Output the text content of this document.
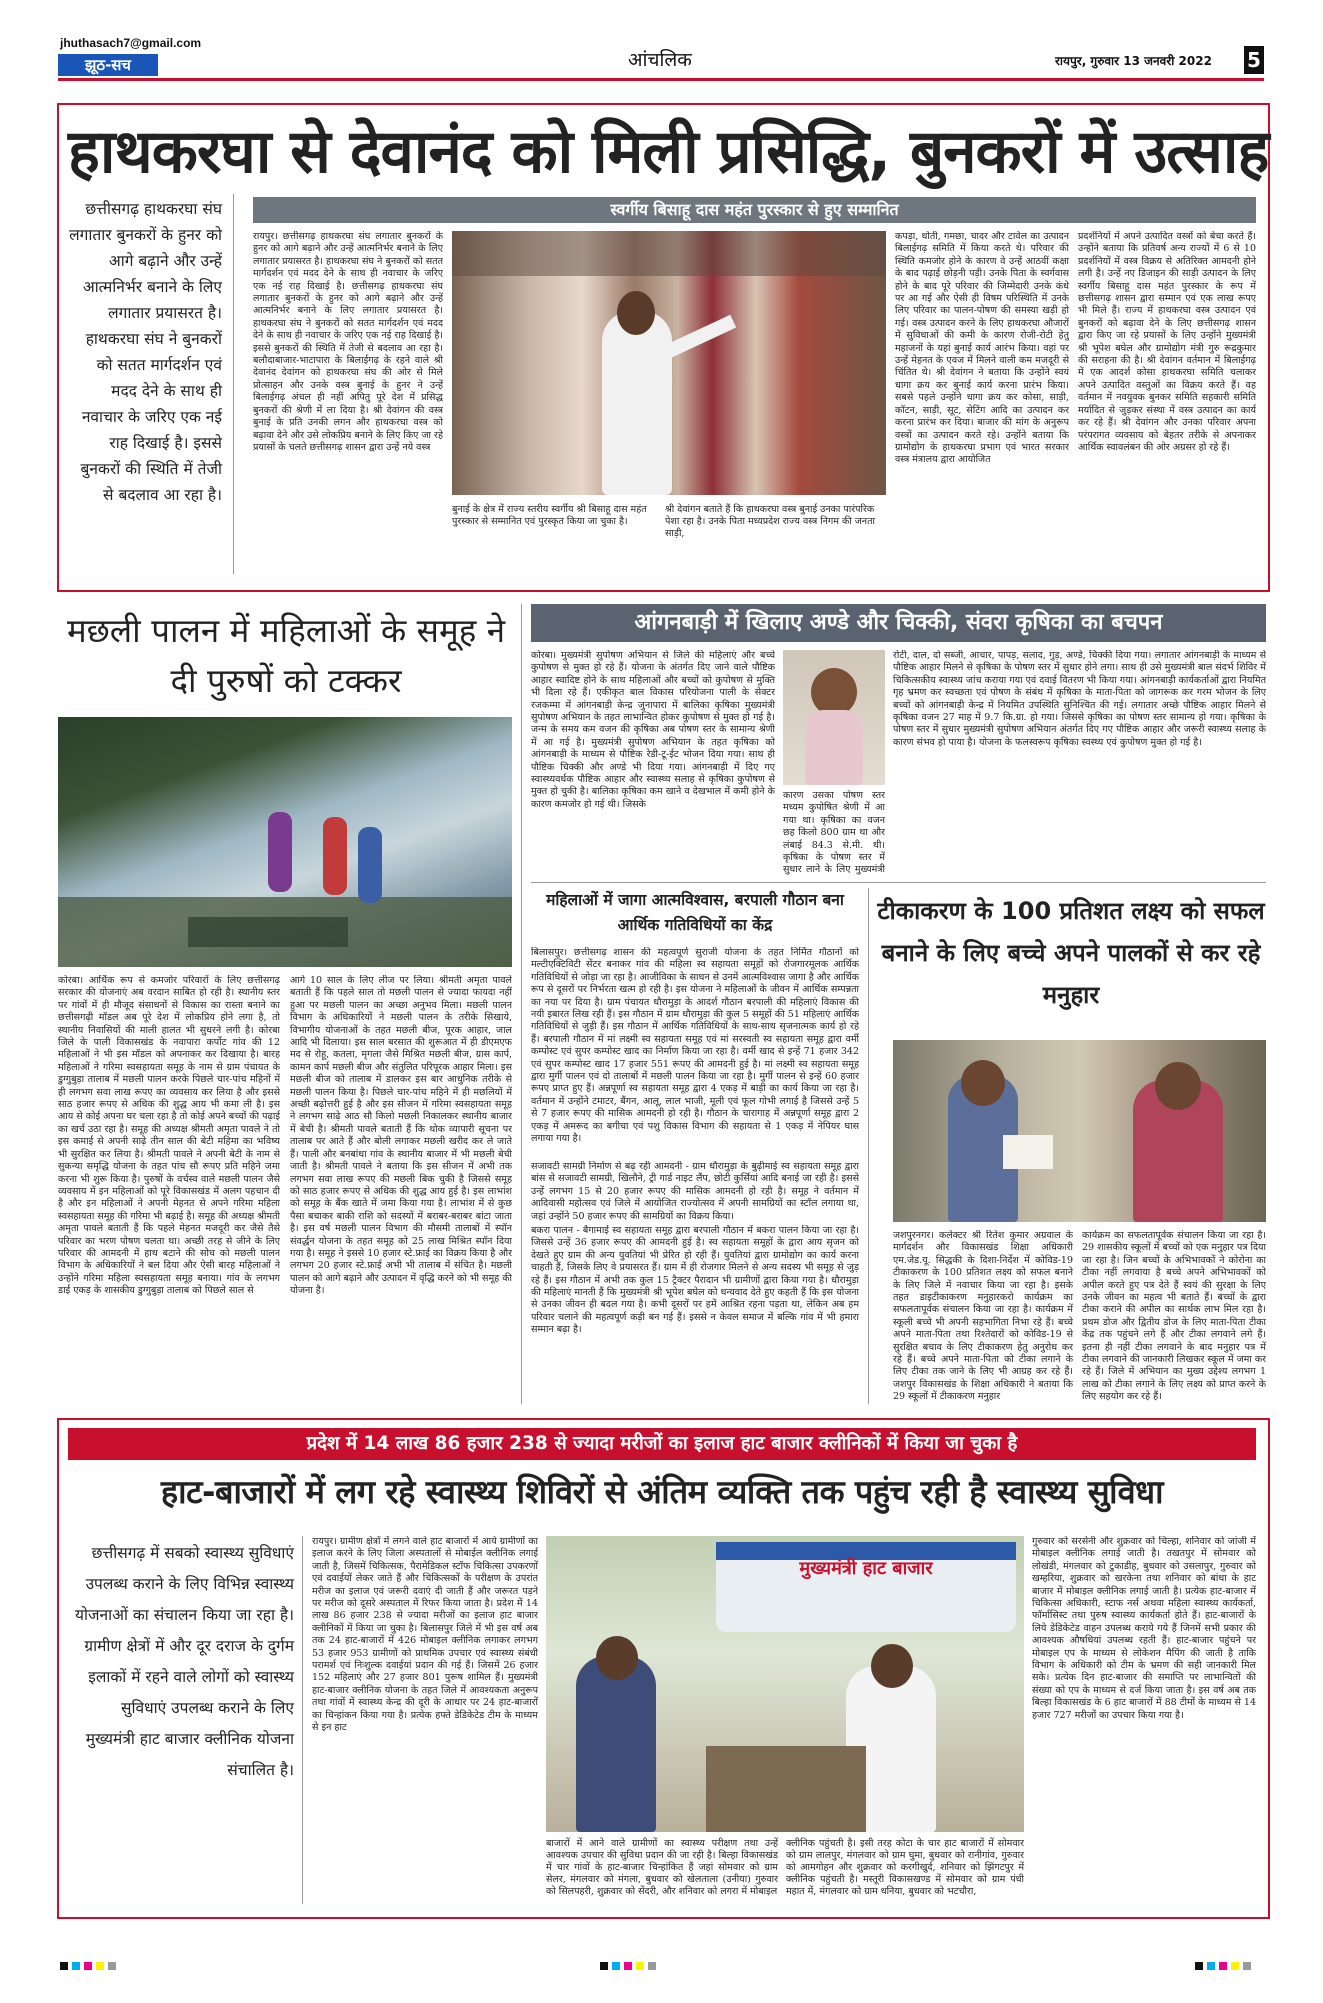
jhuthasach7@gmail.com
झूठ-सच	आंचलिक	रायपुर, गुरुवार 13 जनवरी 2022 5
हाथकरघा से देवानंद को मिली प्रसिद्धि, बुनकरों में उत्साह
छत्तीसगढ़ हाथकरघा संघ लगातार बुनकरों के हुनर को आगे बढ़ाने और उन्हें आत्मनिर्भर बनाने के लिए लगातार प्रयासरत है। हाथकरघा संघ ने बुनकरों को सतत मार्गदर्शन एवं मदद देने के साथ ही नवाचार के जरिए एक नई राह दिखाई है। इससे बुनकरों की स्थिति में तेजी से बदलाव आ रहा है।
स्वर्गीय बिसाहू दास महंत पुरस्कार से हुए सम्मानित
रायपुर। छत्तीसगढ़ हाथकरघा संघ लगातार बुनकरों के हुनर को आगे बढ़ाने और उन्हें आत्मनिर्भर बनाने के लिए लगातार प्रयासरत है। हाथकरघा संघ ने बुनकरों को सतत मार्गदर्शन एवं मदद देने के साथ ही नवाचार के जरिए एक नई राह दिखाई है। छत्तीसगढ़ हाथकरघा संघ लगातार बुनकरों के हुनर को आगे बढ़ाने और उन्हें आत्मनिर्भर बनाने के लिए लगातार प्रयासरत है। हाथकरघा संघ ने बुनकरों को सतत मार्गदर्शन एवं मदद देने के साथ ही नवाचार के जरिए एक नई राह दिखाई है। इससे बुनकरों की स्थिति में तेजी से बदलाव आ रहा है। बलौदाबाजार-भाटापारा के बिलाईगढ़ के रहने वाले श्री देवानंद देवांगन को हाथकरघा संघ की ओर से मिले प्रोत्साहन और उनके वस्त्र बुनाई के हुनर ने उन्हें बिलाईगढ़ अंचल ही नहीं अपितु पूरे देश में प्रसिद्ध बुनकरों की श्रेणी में ला दिया है। श्री देवांगन की वस्त्र बुनाई के प्रति उनकी लगन और हाथकरघा वस्त्र को बढ़ावा देने और उसे लोकप्रिय बनाने के लिए किए जा रहे प्रयासों के चलते छत्तीसगढ़ शासन द्वारा उन्हें नये वस्त्र
बुनाई के क्षेत्र में राज्य स्तरीय स्वर्गीय श्री बिसाहू दास महंत पुरस्कार से सम्मानित एवं पुरस्कृत किया जा चुका है।
श्री देवांगन बताते हैं कि हाथकरघा वस्त्र बुनाई उनका पारंपरिक पेशा रहा है। उनके पिता मध्यप्रदेश राज्य वस्त्र निगम की जनता साड़ी,
कपड़ा, धोती, गमछा, चादर और टावेल का उत्पादन बिलाईगढ़ समिति में किया करते थे। परिवार की स्थिति कमजोर होने के कारण वे उन्हें आठवीं कक्षा के बाद पढ़ाई छोड़नी पड़ी। उनके पिता के स्वर्गवास होने के बाद पूरे परिवार की जिम्मेदारी उनके कंधे पर आ गई और ऐसी ही विषम परिस्थिति में उनके लिए परिवार का पालन-पोषण की समस्या खड़ी हो गई। वस्त्र उत्पादन करने के लिए हाथकरघा औजारों में सुविधाओं की कमी के कारण रोजी-रोटी हेतु महाजनों के यहां बुनाई कार्य आरंभ किया। वहां पर उन्हें मेहनत के एवज में मिलने वाली कम मजदूरी से चिंतित थे। श्री देवांगन ने बताया कि उन्होंने स्वयं धागा क्रय कर बुनाई कार्य करना प्रारंभ किया। सबसे पहले उन्होंने धागा क्रय कर कोसा, साड़ी, कॉटन, साड़ी, सूट, सेटिंग आदि का उत्पादन कर करना प्रारंभ कर दिया। बाजार की मांग के अनुरूप वस्त्रों का उत्पादन करते रहे। उन्होंने बताया कि ग्रामोद्योग के हाथकरघा प्रभाग एवं भारत सरकार वस्त्र मंत्रालय द्वारा आयोजित
प्रदर्शनियों में अपने उत्पादित वस्त्रों को बेचा करते हैं। उन्होंने बताया कि प्रतिवर्ष अन्य राज्यों में 6 से 10 प्रदर्शनियों में वस्त्र विक्रय से अतिरिक्त आमदनी होने लगी है। उन्हें नए डिजाइन की साड़ी उत्पादन के लिए स्वर्गीय बिसाहू दास महंत पुरस्कार के रूप में छत्तीसगढ़ शासन द्वारा सम्मान एवं एक लाख रूपए भी मिले हैं। राज्य में हाथकरघा वस्त्र उत्पादन एवं बुनकरों को बढ़ावा देने के लिए छत्तीसगढ़ शासन द्वारा किए जा रहे प्रयासों के लिए उन्होंने मुख्यमंत्री श्री भूपेश बघेल और ग्रामोद्योग मंत्री गुरु रूद्रकुमार की सराहना की है। श्री देवांगन वर्तमान में बिलाईगढ़ में एक आदर्श कोसा हाथकरघा समिति चलाकर अपने उत्पादित वस्तुओं का विक्रय करते हैं। वह वर्तमान में नवयुवक बुनकर समिति सहकारी समिति मर्यादित से जुड़कर संस्था में वस्त्र उत्पादन का कार्य कर रहे हैं। श्री देवांगन और उनका परिवार अपना परंपरागत व्यवसाय को बेहतर तरीके से अपनाकर आर्थिक स्वावलंबन की ओर अग्रसर हो रहे हैं।
मछली पालन में महिलाओं के समूह ने दी पुरुषों को टक्कर
कोरबा। आर्थिक रूप से कमजोर परिवारों के लिए छत्तीसगढ़ सरकार की योजनाएं अब वरदान साबित हो रही है। स्थानीय स्तर पर गांवों में ही मौजूद संसाधनों से विकास का रास्ता बनाने का छत्तीसगढ़ी मॉडल अब पूरे देश में लोकप्रिय होने लगा है, तो स्थानीय निवासियों की माली हालत भी सुधरने लगी है। कोरबा जिले के पाली विकासखंड के नवापारा कर्पोट गांव की 12 महिलाओं ने भी इस मॉडल को अपनाकर कर दिखाया है। बारह महिलाओं ने गरिमा स्वसहायता समूह के नाम से ग्राम पंचायत के डुग्गुबुड़ा तालाब में मछली पालन करके पिछले चार-पांच महिनों में ही लगभग सवा लाख रूपए का व्यवसाय कर लिया है और इससे साठ हजार रूपए से अधिक की शुद्ध आय भी कमा ली है। इस आय से कोई अपना घर चला रहा है तो कोई अपने बच्चों की पढ़ाई का खर्च उठा रहा है। समूह की अध्यक्ष श्रीमती अमृता पावले ने तो इस कमाई से अपनी साढ़े तीन साल की बेटी महिमा का भविष्य भी सुरक्षित कर लिया है। श्रीमती पावले ने अपनी बेटी के नाम से सुकन्या समृद्धि योजना के तहत पांच सौ रूपए प्रति महिने जमा करना भी शुरू किया है। पुरुषों के वर्चस्व वाले मछली पालन जैसे व्यवसाय में इन महिलाओं को पूरे विकासखंड में अलग पहचान दी है और इन महिलाओं ने अपनी मेहनत से अपने गरिमा महिला स्वसहायता समूह की गरिमा भी बढ़ाई है। समूह की अध्यक्ष श्रीमती अमृता पावले बताती हैं कि पहले मेहनत मजदूरी कर जैसे तैसे परिवार का भरण पोषण चलता था। अच्छी तरह से जीने के लिए परिवार की आमदनी में हाथ बटाने की सोच को मछली पालन विभाग के अधिकारियों ने बल दिया और ऐसी बारह महिलाओं ने उन्होंने गरिमा महिला स्वसहायता समूह बनाया। गांव के लगभग डाई एकड़ के शासकीय डुग्गुबुड़ा तालाब को पिछले साल से
आगे 10 साल के लिए लीज पर लिया। श्रीमती अमृता पावले बताती हैं कि पहले साल तो मछली पालन से ज्यादा फायदा नहीं हुआ पर मछली पालन का अच्छा अनुभव मिला। मछली पालन विभाग के अधिकारियों ने मछली पालन के तरीके सिखाये, विभागीय योजनाओं के तहत मछली बीज, पूरक आहार, जाल आदि भी दिलाया। इस साल बरसात की शुरूआत में ही डीएमएफ मद से रोहू, कतला, मृगला जैसे मिश्रित मछली बीज, ग्रास कार्प, कामन कार्प मछली बीज और संतुलित परिपूरक आहार मिला। इस मछली बीज को तालाब में डालकर इस बार आधुनिक तरीके से मछली पालन किया है। पिछले चार-पांच महिने में ही मछलियों में अच्छी बढ़ोत्तरी हुई है और इस सीजन में गरिमा स्वसहायता समूह ने लगभग साढ़े आठ सौ किलो मछली निकालकर स्थानीय बाजार में बेची है। श्रीमती पावले बताती हैं कि थोक व्यापारी सूचना पर तालाब पर आते हैं और बोली लगाकर मछली खरीद कर ले जाते हैं। पाली और बनबांधा गांव के स्थानीय बाजार में भी मछली बेची जाती है। श्रीमती पावले ने बताया कि इस सीजन में अभी तक लगभग सवा लाख रूपए की मछली बिक चुकी है जिससे समूह को साठ हजार रूपए से अधिक की शुद्ध आय हुई है। इस लाभांश को समूह के बैंक खाते में जमा किया गया है। लाभांश में से कुछ पैसा बचाकर बाकी राशि को सदस्यों में बराबर-बराबर बांटा जाता है। इस वर्ष मछली पालन विभाग की मौसमी तालाबों में स्पॉन संवर्द्धन योजना के तहत समूह को 25 लाख मिश्रित स्पॉन दिया गया है। समूह ने इससे 10 हजार स्टे.फ्राई का विक्रय किया है और लगभग 20 हजार स्टे.फ्राई अभी भी तालाब में संचित है। मछली पालन को आगे बढ़ाने और उत्पादन में वृद्धि करने को भी समूह की योजना है।
आंगनबाड़ी में खिलाए अण्डे और चिक्की, संवरा कृषिका का बचपन
कोरबा। मुख्यमंत्री सुपोषण अभियान से जिले की महिलाएं और बच्चे कुपोषण से मुक्त हो रहे हैं। योजना के अंतर्गत दिए जाने वाले पौष्टिक आहार स्वादिष्ट होने के साथ महिलाओं और बच्चों को कुपोषण से मुक्ति भी दिला रहे हैं। एकीकृत बाल विकास परियोजना पाली के सेक्टर रजकम्मा में आंगनबाड़ी केन्द्र जुनापारा में बालिका कृषिका मुख्यमंत्री सुपोषण अभियान के तहत लाभान्वित होकर कुपोषण से मुक्त हो गई है। जन्म के समय कम वजन की कृषिका अब पोषण स्तर के सामान्य श्रेणी में आ गई है। मुख्यमंत्री सुपोषण अभियान के तहत कृषिका को आंगनबाड़ी के माध्यम से पौष्टिक रेडी-टू-ईट भोजन दिया गया। साथ ही पौष्टिक चिक्की और अण्डे भी दिया गया। आंगनबाड़ी में दिए गए स्वास्थ्यवर्धक पौष्टिक आहार और स्वास्थ्य सलाह से कृषिका कुपोषण से मुक्त हो चुकी है। बालिका कृषिका कम खाने व देखभाल में कमी होने के कारण कमजोर हो गई थी। जिसके
कारण उसका पोषण स्तर मध्यम कुपोषित श्रेणी में आ गया था। कृषिका का वजन छह किलो 800 ग्राम था और लंबाई 84.3 से.मी. थी। कृषिका के पोषण स्तर में सुधार लाने के लिए मुख्यमंत्री
रोटी, दाल, दो सब्जी, आचार, पापड़, सलाद, गुड़, अण्डे, चिक्की दिया गया। लगातार आंगनबाड़ी के माध्यम से पौष्टिक आहार मिलने से कृषिका के पोषण स्तर में सुधार होने लगा। साथ ही उसे मुख्यमंत्री बाल संदर्भ शिविर में चिकित्सकीय स्वास्थ्य जांच कराया गया एवं दवाई वितरण भी किया गया। आंगनबाड़ी कार्यकर्ताओं द्वारा नियमित गृह भ्रमण कर स्वच्छता एवं पोषण के संबंध में कृषिका के माता-पिता को जागरूक कर गरम भोजन के लिए बच्चों को आंगनबाड़ी केन्द्र में नियमित उपस्थिति सुनिश्चित की गई। लगातार अच्छे पौष्टिक आहार मिलने से कृषिका वजन 27 माह में 9.7 कि.ग्रा. हो गया। जिससे कृषिका का पोषण स्तर सामान्य हो गया। कृषिका के पोषण स्तर में सुधार मुख्यमंत्री सुपोषण अभियान अंतर्गत दिए गए पौष्टिक आहार और जरूरी स्वास्थ्य सलाह के कारण संभव हो पाया है। योजना के फलस्वरूप कृषिका स्वस्थ्य एवं कुपोषण मुक्त हो गई है।
महिलाओं में जागा आत्मविश्वास, बरपाली गौठान बना आर्थिक गतिविधियों का केंद्र
बिलासपुर। छत्तीसगढ़ शासन की महत्वपूर्ण सुराजी योजना के तहत निर्मित गौठानों को मल्टीएक्टिविटी सेंटर बनाकर गांव की महिला स्व सहायता समूहों को रोजगारमूलक आर्थिक गतिविधियों से जोड़ा जा रहा है। आजीविका के साधन से उनमें आत्मविश्वास जागा है और आर्थिक रूप से दूसरों पर निर्भरता खत्म हो रही है। इस योजना ने महिलाओं के जीवन में आर्थिक सम्पन्नता का नया पर दिया है। ग्राम पंचायत धौरामुड़ा के आदर्श गौठान बरपाली की महिलाएं विकास की नयी इबारत लिख रही हैं। इस गौठान में ग्राम धौरामुड़ा की कुल 5 समूहों की 51 महिलाएं आर्थिक गतिविधियों से जुड़ी हैं। इस गौठान में आर्थिक गतिविधियों के साथ-साथ सृजनात्मक कार्य हो रहे हैं। बरपाली गौठान में मां लक्ष्मी स्व सहायता समूह एवं मां सरस्वती स्व सहायता समूह द्वारा वर्मी कम्पोस्ट एवं सुपर कम्पोस्ट खाद का निर्माण किया जा रहा है। वर्मी खाद से इन्हें 71 हजार 342 एवं सुपर कम्पोस्ट खाद 17 हजार 551 रूपए की आमदनी हुई है। मां लक्ष्मी स्व सहायता समूह द्वारा मुर्गी पालन एवं दो तालाबों में मछली पालन किया जा रहा है। मुर्गी पालन से इन्हें 60 हजार रूपए प्राप्त हुए हैं। अन्नपूर्णा स्व सहायता समूह द्वारा 4 एकड़ में बाड़ी का कार्य किया जा रहा है। वर्तमान में उन्होंने टमाटर, बैंगन, आलू, लाल भाजी, मूली एवं फूल गोभी लगाई है जिससे उन्हें 5 से 7 हजार रूपए की मासिक आमदनी हो रही है। गौठान के चारागाह में अन्नपूर्णा समूह द्वारा 2 एकड़ में अमरूद का बगीचा एवं पशु विकास विभाग की सहायता से 1 एकड़ में नेपियर घास लगाया गया है।
सजावटी सामग्री निर्माण से बढ़ रही आमदनी - ग्राम धौरामुड़ा के बुढ़ीमाई स्व सहायता समूह द्वारा बांस से सजावटी सामग्री, खिलौने, ट्री गार्ड नाइट लैंप, छोटी कुर्सियां आदि बनाई जा रही है। इससे उन्हें लगभग 15 से 20 हजार रूपए की मासिक आमदनी हो रही है। समूह ने वर्तमान में आदिवासी महोत्सव एवं जिले में आयोजित राज्योत्सव में अपनी सामग्रियों का स्टॉल लगाया था, जहां उन्होंने 50 हजार रूपए की सामग्रियों का विक्रय किया।
बकरा पालन - बैगामाई स्व सहायता समूह द्वारा बरपाली गौठान में बकरा पालन किया जा रहा है। जिससे उन्हें 36 हजार रूपए की आमदनी हुई है। स्व सहायता समूहों के द्वारा आय सृजन को देखते हुए ग्राम की अन्य युवतियां भी प्रेरित हो रही हैं। युवतियां द्वारा ग्रामोद्योग का कार्य करना चाहती हैं, जिसके लिए वे प्रयासरत हैं। ग्राम में ही रोजगार मिलने से अन्य सदस्य भी समूह से जुड़ रहे हैं। इस गौठान में अभी तक कुल 15 ट्रैक्टर पैरादान भी ग्रामीणों द्वारा किया गया है। धौरामुड़ा की महिलाएं मानती हैं कि मुख्यमंत्री श्री भूपेश बघेल को धन्यवाद देते हुए कहती हैं कि इस योजना से उनका जीवन ही बदल गया है। कभी दूसरों पर हमें आश्रित रहना पड़ता था, लेकिन अब हम परिवार चलाने की महत्वपूर्ण कड़ी बन गई हैं। इससे न केवल समाज में बल्कि गांव में भी हमारा सम्मान बढ़ा है।
टीकाकरण के 100 प्रतिशत लक्ष्य को सफल बनाने के लिए बच्चे अपने पालकों से कर रहे मनुहार
जशपुरनगर। कलेक्टर श्री रितेश कुमार अग्रवाल के मार्गदर्शन और विकासखंड शिक्षा अधिकारी एम.जेड.यू. सिद्धकी के दिशा-निर्देश में कोविड-19 टीकाकरण के 100 प्रतिशत लक्ष्य को सफल बनाने के लिए जिले में नवाचार किया जा रहा है। इसके तहत डाइटीकाकरण मनुहारकरो कार्यक्रम का सफलतापूर्वक संचालन किया जा रहा है। कार्यक्रम में स्कूली बच्चे भी अपनी सहभागिता निभा रहे हैं। बच्चे अपने माता-पिता तथा रिश्तेदारों को कोविड-19 से सुरक्षित बचाव के लिए टीकाकरण हेतु अनुरोध कर रहे हैं। बच्चे अपने माता-पिता को टीका लगाने के लिए टीका तक जाने के लिए भी आग्रह कर रहे हैं। जशपुर विकासखंड के शिक्षा अधिकारी ने बताया कि 29 स्कूलों में टीकाकरण मनुहार
कार्यक्रम का सफलतापूर्वक संचालन किया जा रहा है। 29 शासकीय स्कूलों में बच्चों को एक मनुहार पत्र दिया जा रहा है। जिन बच्चों के अभिभावकों ने कोरोना का टीका नहीं लगवाया है बच्चे अपने अभिभावकों को अपील करते हुए पत्र देते हैं स्वयं की सुरक्षा के लिए उनके जीवन का महत्व भी बताते हैं। बच्चों के द्वारा टीका कराने की अपील का सार्थक लाभ मिल रहा है। प्रथम डोज और द्वितीय डोज के लिए माता-पिता टीका केंद्र तक पहुंचने लगे हैं और टीका लगवाने लगे हैं। इतना ही नहीं टीका लगवाने के बाद मनुहार पत्र में टीका लगवाने की जानकारी लिखकर स्कूल में जमा कर रहे हैं। जिले में अभियान का मुख्य उद्देश्य लगभग 1 लाख को टीका लगाने के लिए लक्ष्य को प्राप्त करने के लिए सहयोग कर रहे हैं।
प्रदेश में 14 लाख 86 हजार 238 से ज्यादा मरीजों का इलाज हाट बाजार क्लीनिकों में किया जा चुका है
हाट-बाजारों में लग रहे स्वास्थ्य शिविरों से अंतिम व्यक्ति तक पहुंच रही है स्वास्थ्य सुविधा
छत्तीसगढ़ में सबको स्वास्थ्य सुविधाएं उपलब्ध कराने के लिए विभिन्न स्वास्थ्य योजनाओं का संचालन किया जा रहा है। ग्रामीण क्षेत्रों में और दूर दराज के दुर्गम इलाकों में रहने वाले लोगों को स्वास्थ्य सुविधाएं उपलब्ध कराने के लिए मुख्यमंत्री हाट बाजार क्लीनिक योजना संचालित है।
रायपुर। ग्रामीण क्षेत्रों में लगने वाले हाट बाजारों में आये ग्रामीणों का इलाज करने के लिए जिला अस्पतालों से मोबाईल क्लीनिक लगाई जाती है, जिसमें चिकित्सक, पैरामेडिकल स्टॉफ चिकित्सा उपकरणों एवं दवाईयों लेकर जाते हैं और चिकित्सकों के परीक्षण के उपरांत मरीज का इलाज एवं जरूरी दवाएं दी जाती हैं और जरूरत पड़ने पर मरीज को दूसरे अस्पताल में रिफर किया जाता है। प्रदेश में 14 लाख 86 हजार 238 से ज्यादा मरीजों का इलाज हाट बाजार क्लीनिकों में किया जा चुका है। बिलासपुर जिले में भी इस वर्ष अब तक 24 हाट-बाजारों में 426 मोबाइल क्लीनिक लगाकर लगभग 53 हजार 953 ग्रामीणों को प्राथमिक उपचार एवं स्वास्थ्य संबंधी परामर्श एवं निःशुल्क दवाईयां प्रदान की गई हैं। जिसमें 26 हजार 152 महिलाएं और 27 हजार 801 पुरूष शामिल हैं। मुख्यमंत्री हाट-बाजार क्लीनिक योजना के तहत जिले में आवश्यकता अनुरूप तथा गांवों में स्वास्थ्य केन्द्र की दूरी के आधार पर 24 हाट-बाजारों का चिन्हांकन किया गया है। प्रत्येक हफ्ते डेडिकेटेड टीम के माध्यम से इन हाट
मुख्यमंत्री हाट बाजार
बाजारों में आने वाले ग्रामीणों का स्वास्थ्य परीक्षण तथा उन्हें आवश्यक उपचार की सुविधा प्रदान की जा रही है। बिल्हा विकासखंड में चार गांवों के हाट-बाजार चिन्हांकित हैं जहां सोमवार को ग्राम सेलर, मंगलवार को मंगला, बुधवार को खेलताला (उनीया) गुरुवार को सिलपहरी, शुक्रवार को सेंदरी, और शनिवार को लगरा में मोबाइल
क्लीनिक पहुंचती है। इसी तरह कोटा के चार हाट बाजारों में सोमवार को ग्राम लालपुर, मंगलवार को ग्राम घुमा, बुधवार को रानीगांव, गुरुवार को आमगोहन और शुक्रवार को करगीखुर्द, शनिवार को झिंगटपुर में क्लीनिक पहुंचती है। मस्तूरी विकासखण्ड में सोमवार को ग्राम पंधी महात में, मंगलवार को ग्राम धनिया, बुधवार को भटचौरा,
गुरुवार को सरसेनी और शुक्रवार को चिल्हा, शनिवार को जांजी में मोबाइल क्लीनिक लगाई जाती है। तखतपुर में सोमवार को लोखंडी, मंगलवार को टुकाडीह, बुधवार को उसलापुर, गुरुवार को खम्हरिया, शुक्रवार को खरकेना तथा शनिवार को बांधा के हाट बाजार में मोबाइल क्लीनिक लगाई जाती है। प्रत्येक हाट-बाजार में चिकित्सा अधिकारी, स्टाफ नर्स अथवा महिला स्वास्थ्य कार्यकर्ता, फॉर्मासिस्ट तथा पुरुष स्वास्थ्य कार्यकर्ता होते हैं। हाट-बाजारों के लिये डेडिकेटेड वाहन उपलब्ध कराये गये हैं जिनमें सभी प्रकार की आवश्यक औषधियां उपलब्ध रहती हैं। हाट-बाजार पहुंचने पर मोबाइल एप के माध्यम से लोकेशन मैपिंग की जाती है ताकि विभाग के अधिकारी को टीम के भ्रमण की सही जानकारी मिल सके। प्रत्येक दिन हाट-बाजार की समाप्ति पर लाभान्वितों की संख्या को एप के माध्यम से दर्ज किया जाता है। इस वर्ष अब तक बिल्हा विकासखंड के 6 हाट बाजारों में 88 टीमों के माध्यम से 14 हजार 727 मरीजों का उपचार किया गया है।
